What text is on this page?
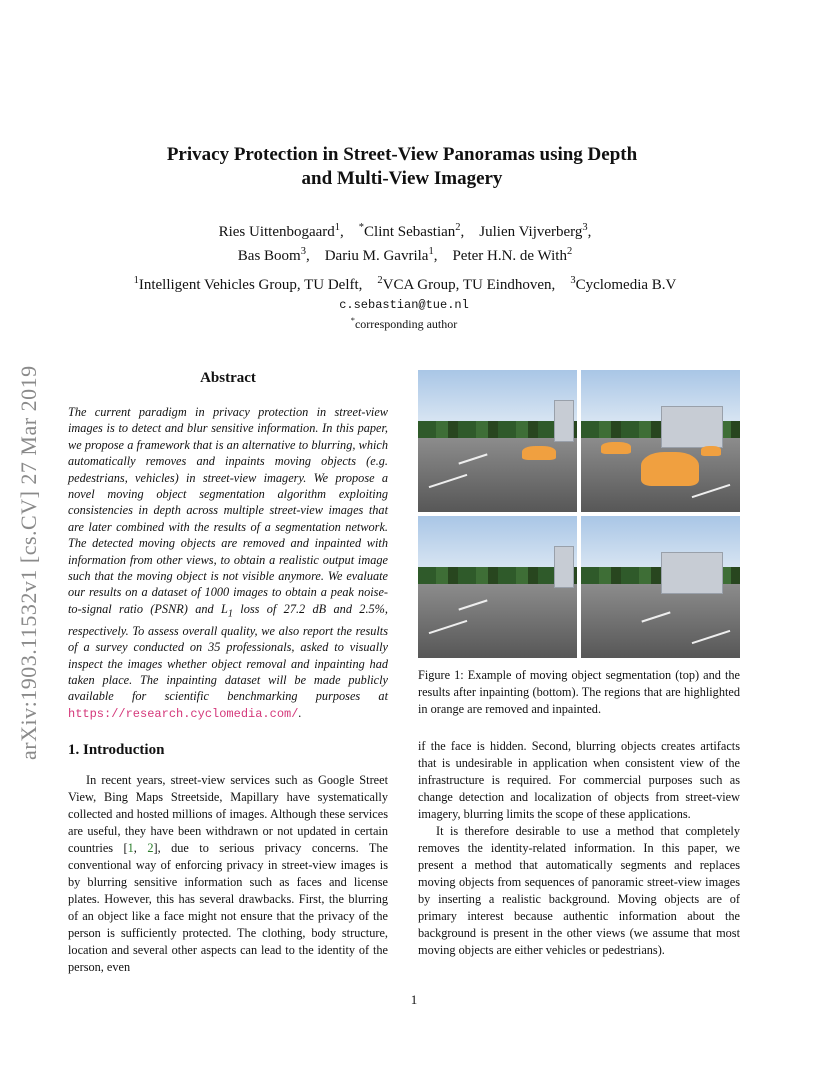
arXiv:1903.11532v1 [cs.CV] 27 Mar 2019
Privacy Protection in Street-View Panoramas using Depth
and Multi-View Imagery
Ries Uittenbogaard$^1$,    *Clint Sebastian$^2$,    Julien Vijverberg$^3$,
Bas Boom$^3$,    Dariu M. Gavrila$^1$,    Peter H.N. de With$^2$
$^1$Intelligent Vehicles Group, TU Delft, $^2$VCA Group, TU Eindhoven, $^3$Cyclomedia B.V
c.sebastian@tue.nl
*corresponding author
Abstract
The current paradigm in privacy protection in street-view images is to detect and blur sensitive information. In this paper, we propose a framework that is an alternative to blurring, which automatically removes and inpaints moving objects (e.g. pedestrians, vehicles) in street-view imagery. We propose a novel moving object segmentation algorithm exploiting consistencies in depth across multiple street-view images that are later combined with the results of a segmentation network. The detected moving objects are removed and inpainted with information from other views, to obtain a realistic output image such that the moving object is not visible anymore. We evaluate our results on a dataset of 1000 images to obtain a peak noise-to-signal ratio (PSNR) and $L_1$ loss of 27.2 dB and 2.5%, respectively. To assess overall quality, we also report the results of a survey conducted on 35 professionals, asked to visually inspect the images whether object removal and inpainting had taken place. The inpainting dataset will be made publicly available for scientific benchmarking purposes at https://research.cyclomedia.com/.
1. Introduction
In recent years, street-view services such as Google Street View, Bing Maps Streetside, Mapillary have systematically collected and hosted millions of images. Although these services are useful, they have been withdrawn or not updated in certain countries [1, 2], due to serious privacy concerns. The conventional way of enforcing privacy in street-view images is by blurring sensitive information such as faces and license plates. However, this has several drawbacks. First, the blurring of an object like a face might not ensure that the privacy of the person is sufficiently protected. The clothing, body structure, location and several other aspects can lead to the identity of the person, even
Figure 1: Example of moving object segmentation (top) and the results after inpainting (bottom). The regions that are highlighted in orange are removed and inpainted.

if the face is hidden. Second, blurring objects creates artifacts that is undesirable in application when consistent view of the infrastructure is required. For commercial purposes such as change detection and localization of objects from street-view imagery, blurring limits the scope of these applications.

It is therefore desirable to use a method that completely removes the identity-related information. In this paper, we present a method that automatically segments and replaces moving objects from sequences of panoramic street-view images by inserting a realistic background. Moving objects are of primary interest because authentic information about the background is present in the other views (we assume that most moving objects are either vehicles or pedestrians).

1
